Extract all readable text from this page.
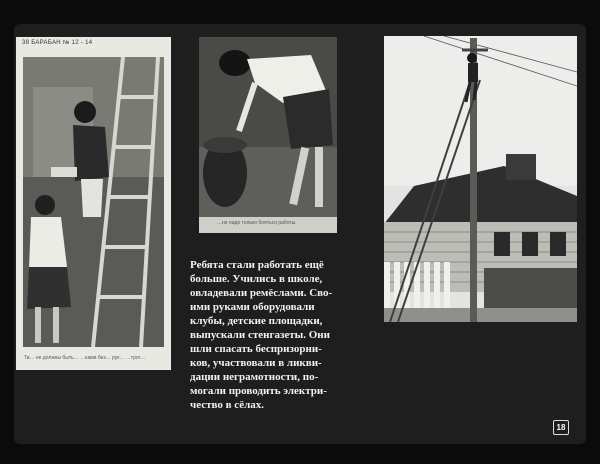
38 БАРАБАН № 12 - 14
Тв… не должны быть… …ками без… рук… …трог…
…не надо только бояться работы.
Ребята стали работать ещё
больше. Учились в школе,
овладевали ремёслами. Сво-
ими руками оборудовали
клубы, детские площадки,
выпускали стенгазеты. Они
шли спасать беспризорни-
ков, участвовали в ликви-
дации неграмотности, по-
могали проводить электри-
чество в сёлах.
18
